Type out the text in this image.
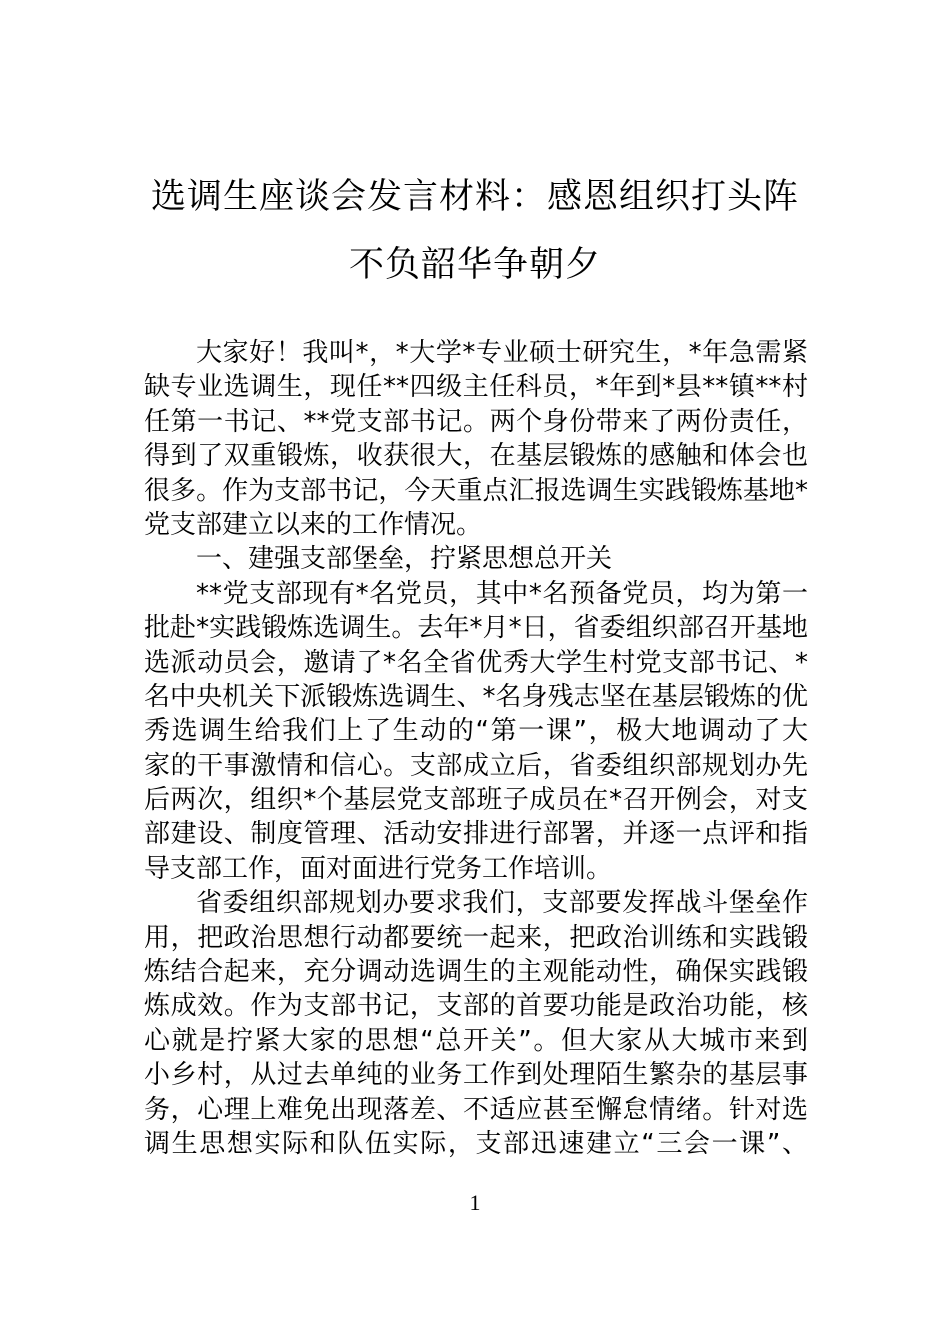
选调生座谈会发言材料：感恩组织打头阵
不负韶华争朝夕
大家好！我叫*，*大学*专业硕士研究生，*年急需紧
缺专业选调生，现任**四级主任科员，*年到*县**镇**村
任第一书记、**党支部书记。两个身份带来了两份责任，
得到了双重锻炼，收获很大，在基层锻炼的感触和体会也
很多。作为支部书记，今天重点汇报选调生实践锻炼基地*
党支部建立以来的工作情况。
一、建强支部堡垒，拧紧思想总开关
**党支部现有*名党员，其中*名预备党员，均为第一
批赴*实践锻炼选调生。去年*月*日，省委组织部召开基地
选派动员会，邀请了*名全省优秀大学生村党支部书记、*
名中央机关下派锻炼选调生、*名身残志坚在基层锻炼的优
秀选调生给我们上了生动的“第一课”，极大地调动了大
家的干事激情和信心。支部成立后，省委组织部规划办先
后两次，组织*个基层党支部班子成员在*召开例会，对支
部建设、制度管理、活动安排进行部署，并逐一点评和指
导支部工作，面对面进行党务工作培训。
省委组织部规划办要求我们，支部要发挥战斗堡垒作
用，把政治思想行动都要统一起来，把政治训练和实践锻
炼结合起来，充分调动选调生的主观能动性，确保实践锻
炼成效。作为支部书记，支部的首要功能是政治功能，核
心就是拧紧大家的思想“总开关”。但大家从大城市来到
小乡村，从过去单纯的业务工作到处理陌生繁杂的基层事
务，心理上难免出现落差、不适应甚至懈怠情绪。针对选
调生思想实际和队伍实际，支部迅速建立“三会一课”、
1
